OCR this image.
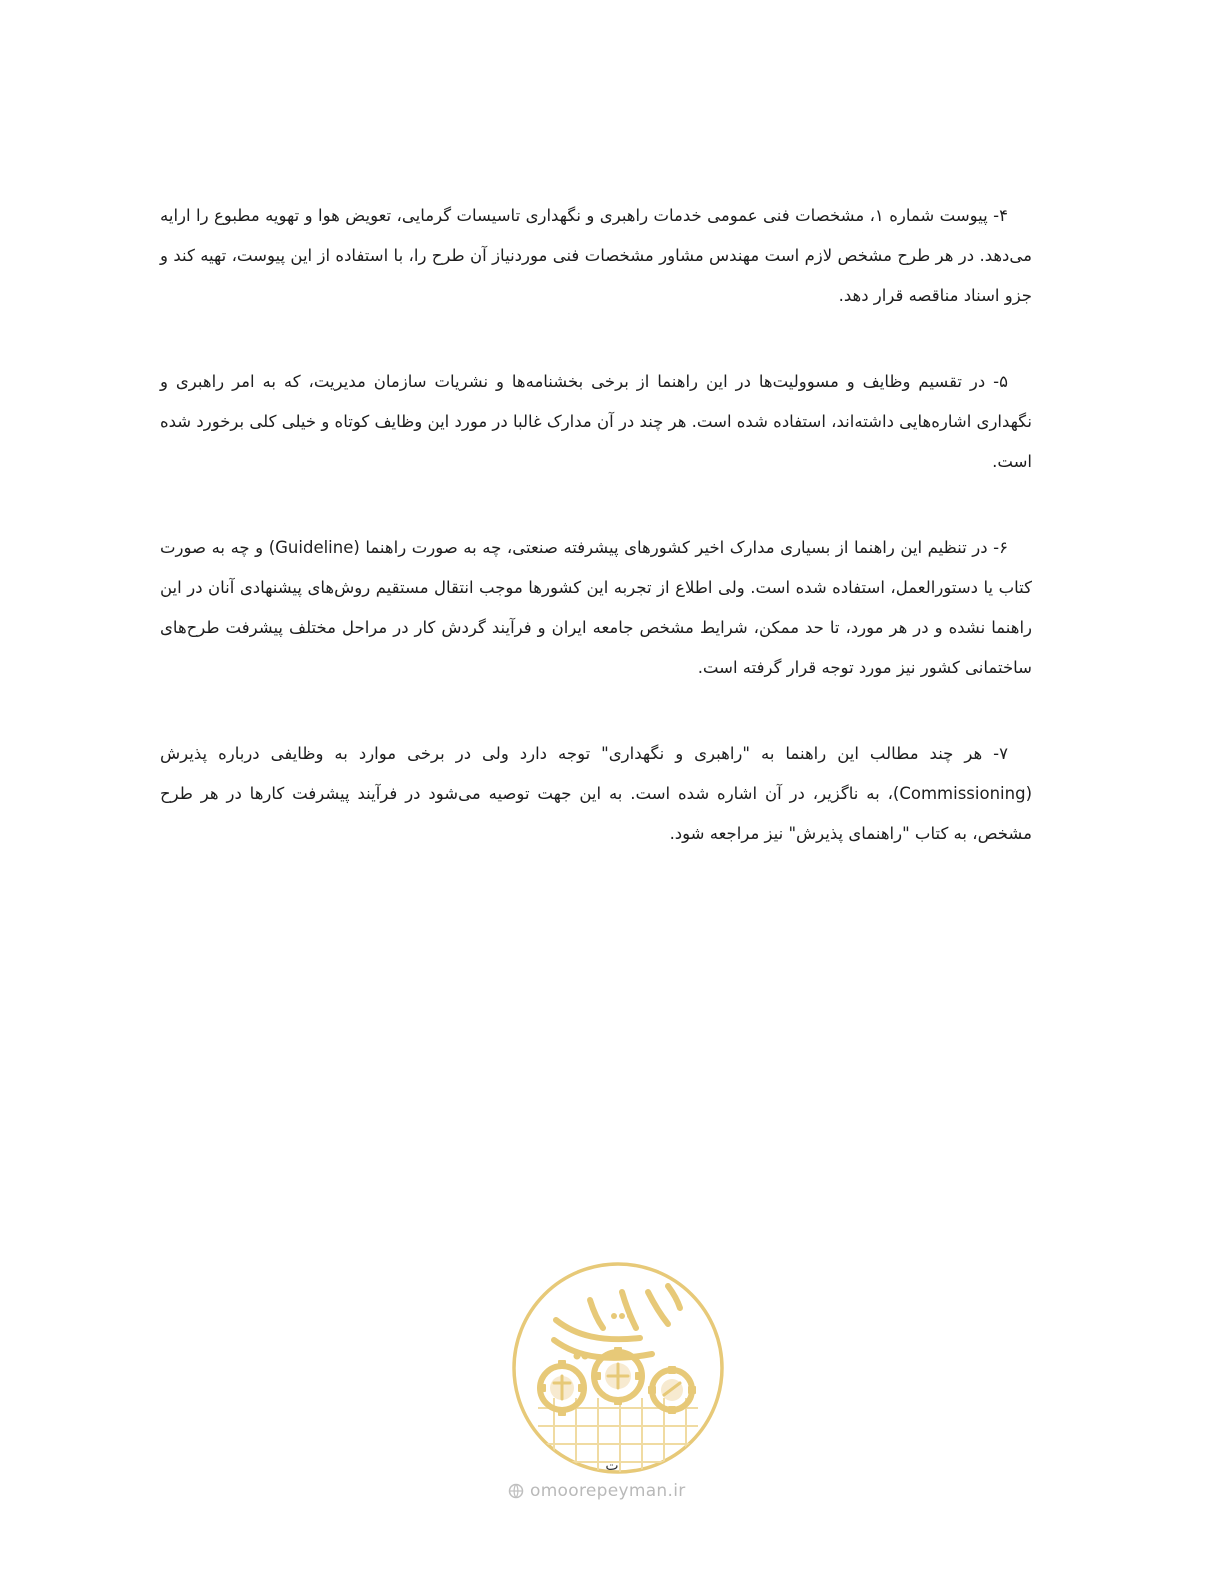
۴- پیوست شماره ۱، مشخصات فنی عمومی خدمات راهبری و نگهداری تاسیسات گرمایی، تعویض هوا و تهویه مطبوع را ارایه می‌دهد. در هر طرح مشخص لازم است مهندس مشاور مشخصات فنی موردنیاز آن طرح را، با استفاده از این پیوست، تهیه کند و جزو اسناد مناقصه قرار دهد.

۵- در تقسیم وظایف و مسوولیت‌ها در این راهنما از برخی بخشنامه‌ها و نشریات سازمان مدیریت، که به امر راهبری و نگهداری اشاره‌هایی داشته‌اند، استفاده شده است. هر چند در آن مدارک غالبا در مورد این وظایف کوتاه و خیلی کلی برخورد شده است.

۶- در تنظیم این راهنما از بسیاری مدارک اخیر کشورهای پیشرفته صنعتی، چه به صورت راهنما (Guideline) و چه به صورت کتاب یا دستورالعمل، استفاده شده است. ولی اطلاع از تجربه این کشورها موجب انتقال مستقیم روش‌های پیشنهادی آنان در این راهنما نشده و در هر مورد، تا حد ممکن، شرایط مشخص جامعه ایران و فرآیند گردش کار در مراحل مختلف پیشرفت طرح‌های ساختمانی کشور نیز مورد توجه قرار گرفته است.

۷- هر چند مطالب این راهنما به "راهبری و نگهداری" توجه دارد ولی در برخی موارد به وظایفی درباره پذیرش (Commissioning)، به ناگزیر، در آن اشاره شده است. به این جهت توصیه می‌شود در فرآیند پیشرفت کارها در هر طرح مشخص، به کتاب "راهنمای پذیرش" نیز مراجعه شود.

ت
omoorepeyman.ir
